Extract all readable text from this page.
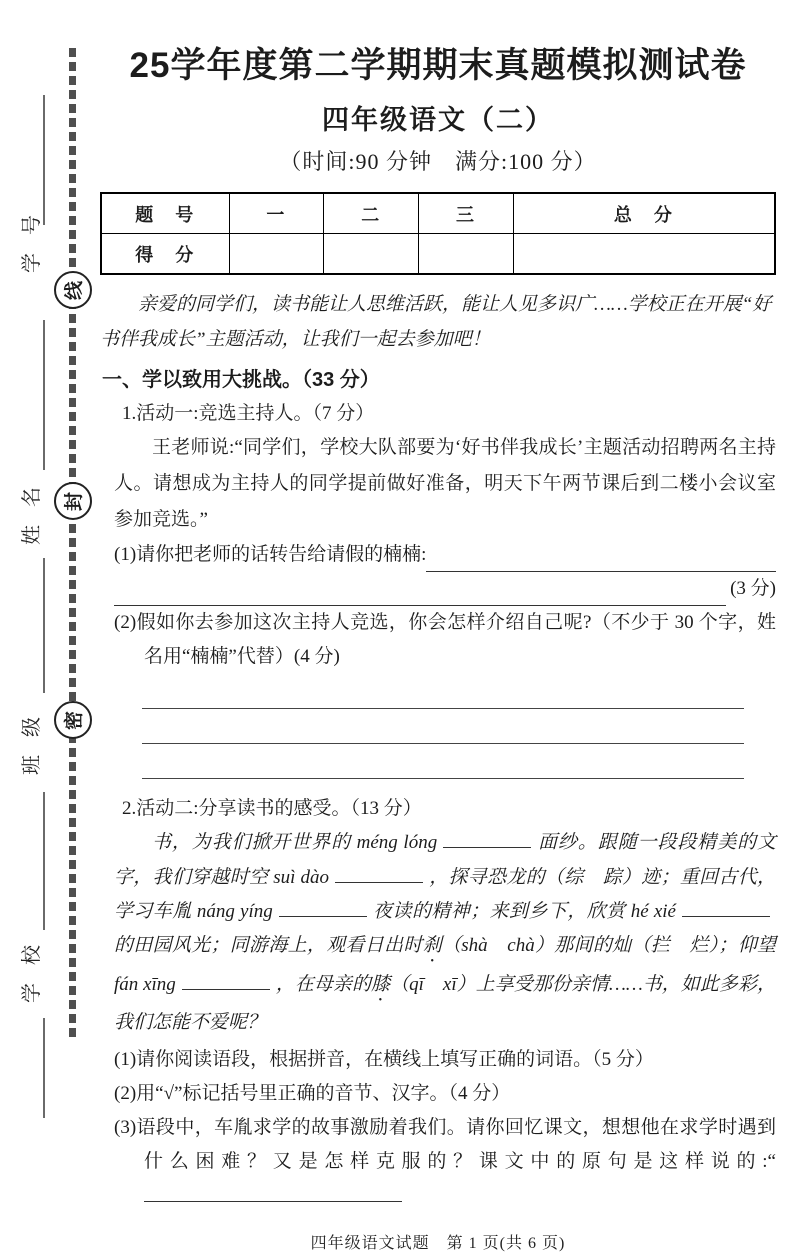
线
封
密
学号
姓名
班级
学校
25学年度第二学期期末真题模拟测试卷
四年级语文（二）
（时间:90 分钟　满分:100 分）
题　号	一	二	三	总　分
得　分				

亲爱的同学们，读书能让人思维活跃，能让人见多识广……学校正在开展“好书伴我成长”主题活动，让我们一起去参加吧！

一、学以致用大挑战。（33 分）
1.活动一:竞选主持人。（7 分）

王老师说:“同学们，学校大队部要为‘好书伴我成长’主题活动招聘两名主持人。请想成为主持人的同学提前做好准备，明天下午两节课后到二楼小会议室参加竞选。”

(1)请你把老师的话转告给请假的楠楠:
(3 分)

(2)假如你去参加这次主持人竞选，你会怎样介绍自己呢?（不少于 30 个字，姓名用“楠楠”代替）(4 分)

2.活动二:分享读书的感受。（13 分）

书，为我们掀开世界的 méng lóng	面纱。跟随一段段精美的文字，我们穿越时空 suì dào	，探寻恐龙的（综　踪）迹；重回古代，学习车胤 náng yíng	夜读的精神；来到乡下，欣赏 hé xié的田园风光；同游海上，观看日出时刹（shà　chà）那间的灿（拦　烂）；仰望 fán xīng	，在母亲的膝（qī　xī）上享受那份亲情……书，如此多彩，我们怎能不爱呢？

(1)请你阅读语段，根据拼音，在横线上填写正确的词语。（5 分）
(2)用“√”标记括号里正确的音节、汉字。（4 分）

(3)语段中，车胤求学的故事激励着我们。请你回忆课文，想想他在求学时遇到什么困难？又是怎样克服的？课文中的原句是这样说的:“

四年级语文试题　第 1 页(共 6 页)
